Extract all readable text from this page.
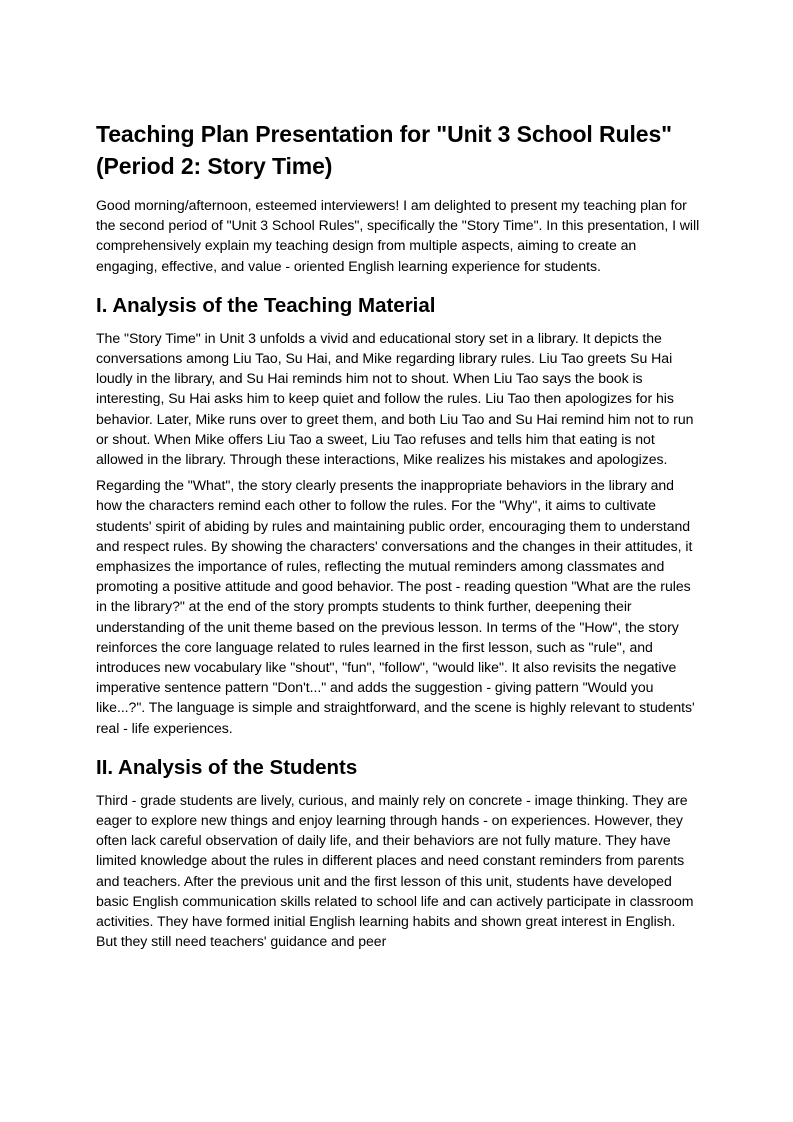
Teaching Plan Presentation for "Unit 3 School Rules" (Period 2: Story Time)

Good morning/afternoon, esteemed interviewers! I am delighted to present my teaching plan for the second period of "Unit 3 School Rules", specifically the "Story Time". In this presentation, I will comprehensively explain my teaching design from multiple aspects, aiming to create an engaging, effective, and value - oriented English learning experience for students.

I. Analysis of the Teaching Material

The "Story Time" in Unit 3 unfolds a vivid and educational story set in a library. It depicts the conversations among Liu Tao, Su Hai, and Mike regarding library rules. Liu Tao greets Su Hai loudly in the library, and Su Hai reminds him not to shout. When Liu Tao says the book is interesting, Su Hai asks him to keep quiet and follow the rules. Liu Tao then apologizes for his behavior. Later, Mike runs over to greet them, and both Liu Tao and Su Hai remind him not to run or shout. When Mike offers Liu Tao a sweet, Liu Tao refuses and tells him that eating is not allowed in the library. Through these interactions, Mike realizes his mistakes and apologizes.

Regarding the "What", the story clearly presents the inappropriate behaviors in the library and how the characters remind each other to follow the rules. For the "Why", it aims to cultivate students' spirit of abiding by rules and maintaining public order, encouraging them to understand and respect rules. By showing the characters' conversations and the changes in their attitudes, it emphasizes the importance of rules, reflecting the mutual reminders among classmates and promoting a positive attitude and good behavior. The post - reading question "What are the rules in the library?" at the end of the story prompts students to think further, deepening their understanding of the unit theme based on the previous lesson. In terms of the "How", the story reinforces the core language related to rules learned in the first lesson, such as "rule", and introduces new vocabulary like "shout", "fun", "follow", "would like". It also revisits the negative imperative sentence pattern "Don't..." and adds the suggestion - giving pattern "Would you like...?". The language is simple and straightforward, and the scene is highly relevant to students' real - life experiences.

II. Analysis of the Students

Third - grade students are lively, curious, and mainly rely on concrete - image thinking. They are eager to explore new things and enjoy learning through hands - on experiences. However, they often lack careful observation of daily life, and their behaviors are not fully mature. They have limited knowledge about the rules in different places and need constant reminders from parents and teachers. After the previous unit and the first lesson of this unit, students have developed basic English communication skills related to school life and can actively participate in classroom activities. They have formed initial English learning habits and shown great interest in English. But they still need teachers' guidance and peer
